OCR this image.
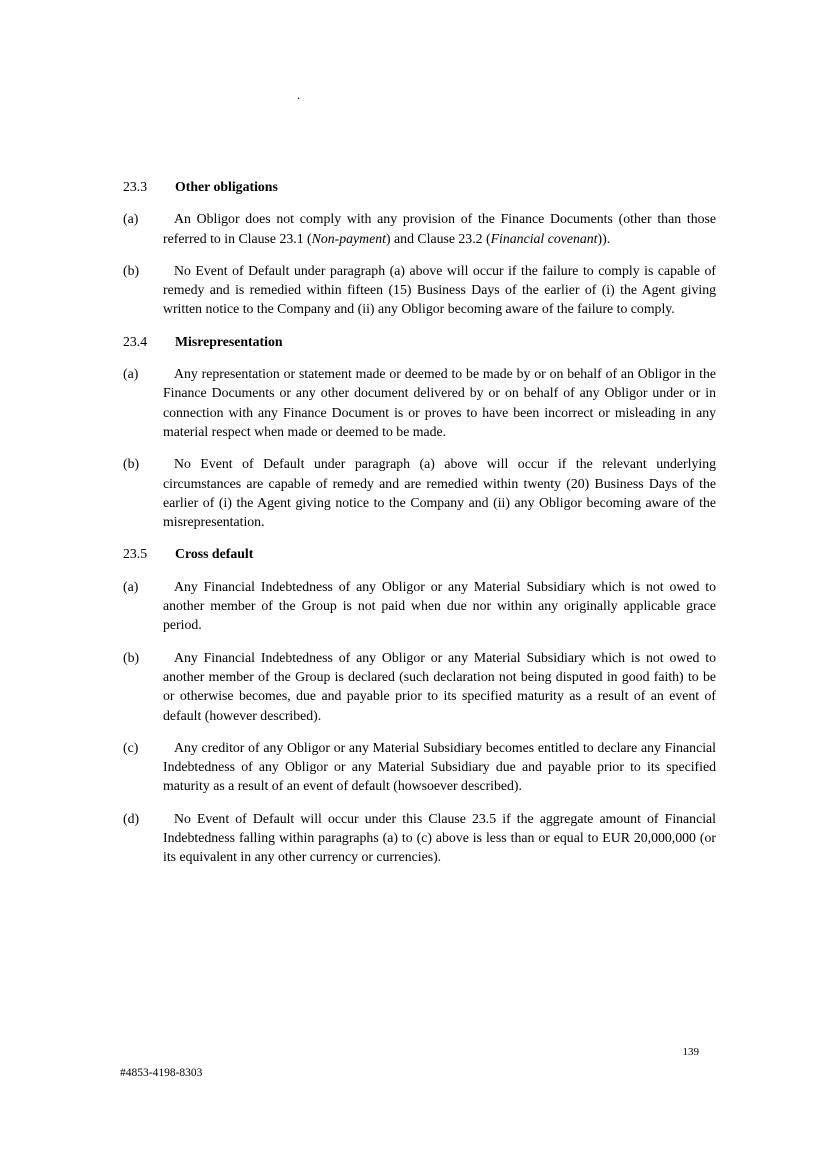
.
23.3	Other obligations
(a)	An Obligor does not comply with any provision of the Finance Documents (other than those referred to in Clause 23.1 (Non-payment) and Clause 23.2 (Financial covenant)).

(b)	No Event of Default under paragraph (a) above will occur if the failure to comply is capable of remedy and is remedied within fifteen (15) Business Days of the earlier of (i) the Agent giving written notice to the Company and (ii) any Obligor becoming aware of the failure to comply.

23.4	Misrepresentation
(a)	Any representation or statement made or deemed to be made by or on behalf of an Obligor in the Finance Documents or any other document delivered by or on behalf of any Obligor under or in connection with any Finance Document is or proves to have been incorrect or misleading in any material respect when made or deemed to be made.

(b)	No Event of Default under paragraph (a) above will occur if the relevant underlying circumstances are capable of remedy and are remedied within twenty (20) Business Days of the earlier of (i) the Agent giving notice to the Company and (ii) any Obligor becoming aware of the misrepresentation.

23.5	Cross default
(a)	Any Financial Indebtedness of any Obligor or any Material Subsidiary which is not owed to another member of the Group is not paid when due nor within any originally applicable grace period.

(b)	Any Financial Indebtedness of any Obligor or any Material Subsidiary which is not owed to another member of the Group is declared (such declaration not being disputed in good faith) to be or otherwise becomes, due and payable prior to its specified maturity as a result of an event of default (however described).

(c)	Any creditor of any Obligor or any Material Subsidiary becomes entitled to declare any Financial Indebtedness of any Obligor or any Material Subsidiary due and payable prior to its specified maturity as a result of an event of default (howsoever described).

(d)	No Event of Default will occur under this Clause 23.5 if the aggregate amount of Financial Indebtedness falling within paragraphs (a) to (c) above is less than or equal to EUR 20,000,000 (or its equivalent in any other currency or currencies).

139
#4853-4198-8303
